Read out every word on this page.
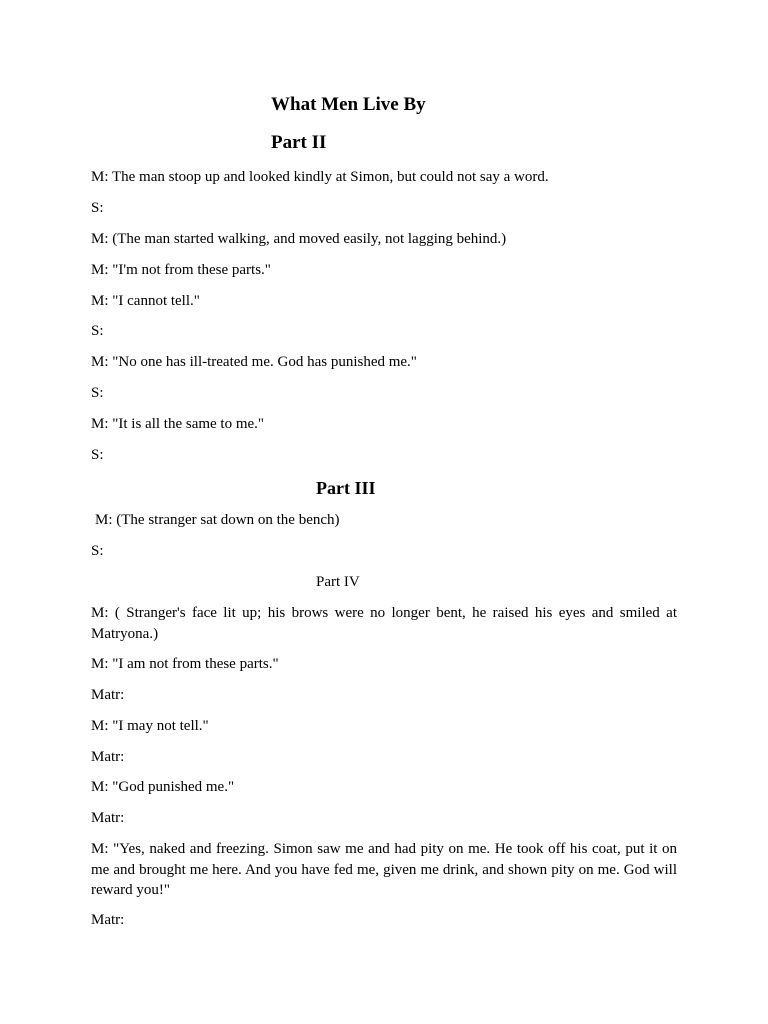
What Men Live By
Part II
M: The man stoop up and looked kindly at Simon, but could not say a word.
S:
M: (The man started walking, and moved easily, not lagging behind.)
M: "I'm not from these parts."
M: "I cannot tell."
S:
M: "No one has ill-treated me. God has punished me."
S:
M: "It is all the same to me."
S:
Part III
M: (The stranger sat down on the bench)
S:
Part IV
M: ( Stranger's face lit up; his brows were no longer bent, he raised his eyes and smiled at Matryona.)
M: "I am not from these parts."
Matr:
M: "I may not tell."
Matr:
M: "God punished me."
Matr:
M: "Yes, naked and freezing. Simon saw me and had pity on me. He took off his coat, put it on me and brought me here. And you have fed me, given me drink, and shown pity on me. God will reward you!"
Matr:
